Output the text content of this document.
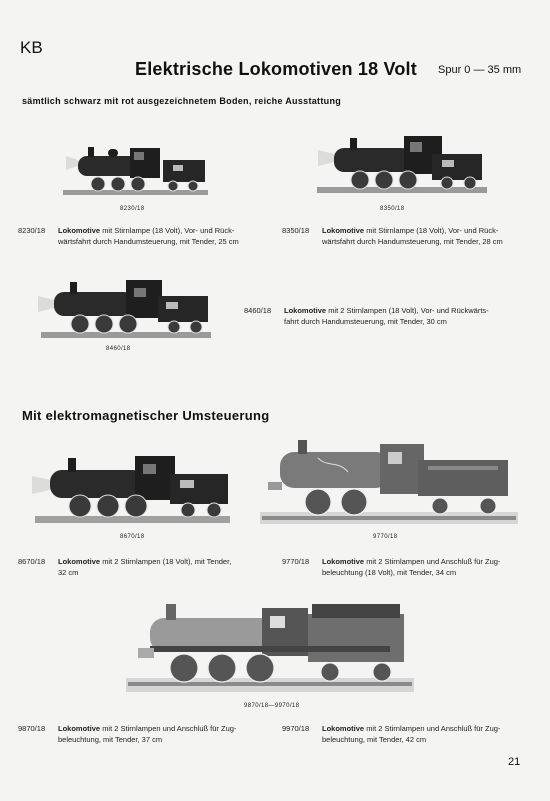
KB
Elektrische Lokomotiven 18 Volt Spur 0 — 35 mm
sämtlich schwarz mit rot ausgezeichnetem Boden, reiche Ausstattung
8230/18	8350/18
8230/18 Lokomotive mit Stirnlampe (18 Volt), Vor- und Rück-
wärtsfahrt durch Handumsteuerung, mit Tender, 25 cm
8350/18 Lokomotive mit Stirnlampe (18 Volt), Vor- und Rück-
wärtsfahrt durch Handumsteuerung, mit Tender, 28 cm
8460/18
8460/18 Lokomotive mit 2 Stirnlampen (18 Volt), Vor- und Rückwärts-
fahrt durch Handumsteuerung, mit Tender, 30 cm
Mit elektromagnetischer Umsteuerung
8670/18	9770/18
8670/18 Lokomotive mit 2 Stirnlampen (18 Volt), mit Tender,
32 cm
9770/18 Lokomotive mit 2 Stirnlampen und Anschluß für Zug-
beleuchtung (18 Volt), mit Tender, 34 cm
9870/18—9970/18
9870/18 Lokomotive mit 2 Stirnlampen und Anschluß für Zug-
beleuchtung, mit Tender, 37 cm
9970/18 Lokomotive mit 2 Stirnlampen und Anschluß für Zug-
beleuchtung, mit Tender, 42 cm
21
